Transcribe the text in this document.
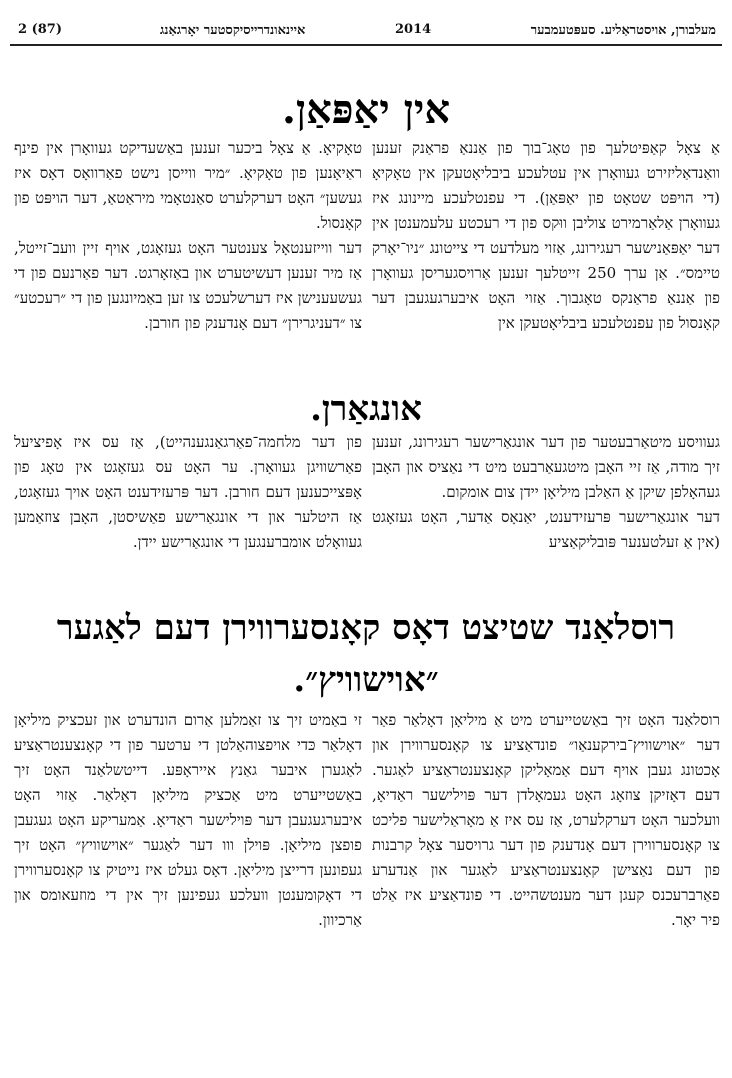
2 (87)	איינאונדרייסיקסטער יאָרגאַנג	2014	מעלבורן, אויסטראַליע. סעפּטעמבער
אין יאַפּאַן.

אַ צאָל קאַפּיטלעך פון טאָג־בוך פון אַננאַ פראַנק זענען וואַנדאַליזירט געוואָרן אין עטלעכע ביבליאָטעקן אין טאָקיאָ (די הויפּט שטאָט פון יאַפּאַן). די עפנטלעכע מיינונג איז געוואָרן אַלאַרמירט צוליבן ווּקס פון די רעכטע עלעמענטן אין דער יאַפּאַנישער רעגירונג, אַזוי מעלדעט די צייטונג ״ניו־יאָרק טיימס״. אַן ערך 250 זייטלעך זענען אַרויסגעריסן געוואָרן פון אַננאַ פראַנקס טאָגבוך. אַזוי האָט איבערגעגעבן דער קאָנסול פון עפנטלעכע ביבליאָטעקן אין

טאָקיאָ. אַ צאָל ביכער זענען באַשעדיקט געוואָרן אין פינף ראַיאָנען פון טאָקיאָ. ״מיר ווייסן נישט פאַרוואָס דאָס איז געשען״ האָט דערקלערט סאַנטאָמי מיראַטאַ, דער הויפּט פון קאָנסול.

דער ווייזענטאָל צענטער האָט געזאָגט, אויף זיין וועב־זייטל, אַז מיר זענען דעשיטערט און באַזאָרגט. דער פאַרנעם פון די געשעענישן איז דערשלעכט צו זען באַמיונגען פון די ״רעכטע״ צו ״דעניגרירן״ דעם אָנדענק פון חורבן.

אונגאַרן.

געוויסע מיטאַרבעטער פון דער אונגאַרישער רעגירונג, זענען זיך מודה, אַז זיי האָבן מיטגעאַרבעט מיט די נאַציס און האָבן געהאָלפן שיקן אַ האַלבן מיליאָן יידן צום אומקום.

דער אונגאַרישער פּרעזידענט, יאַנאָס אַדער, האָט געזאָגט (אין אַ זעלטענער פּובליקאַציע

פון דער מלחמה־פאַרגאַנגענהייט), אַז עס איז אָפיציעל פאַרשוויגן געוואָרן. ער האָט עס געזאָגט אין טאָג פון אָפּצייכענען דעם חורבן. דער פּרעזידענט האָט אויך געזאָגט, אַז היטלער און די אונגאַרישע פאַשיסטן, האָבן צוזאַמען געוואָלט אומברענגען די אונגאַרישע יידן.

רוסלאַנד שטיצט דאָס קאָנסערווירן דעם לאַגער
״אוישוויץ״.

רוסלאַנד האָט זיך באַשטייערט מיט אַ מיליאָן דאָלאַר פאַר דער ״אוישוויץ־בירקענאַו״ פונדאַציע צו קאָנסערווירן און אָכטונג געבן אויף דעם אַמאָליקן קאָנצענטראַציע לאַגער. דעם דאָזיקן צוזאָג האָט געמאָלדן דער פּוילישער ראַדיאָ, וועלכער האָט דערקלערט, אַז עס איז אַ מאָראַלישער פליכט צו קאָנסערווירן דעם אָנדענק פון דער גרויסער צאָל קרבנות פון דעם נאַצישן קאָנצענטראַציע לאַגער און אַנדערע פאַרברעכנס קעגן דער מענטשהייט. די פונדאַציע איז אַלט פיר יאָר.

זי באַמיט זיך צו זאַמלען אַרום הונדערט און זעכציק מיליאָן דאָלאַר כּדי אויפצוהאַלטן די ערטער פון די קאָנצענטראַציע לאַגערן איבער גאַנץ אייראָפּע. דייטשלאַנד האָט זיך באַשטייערט מיט אַכציק מיליאָן דאָלאַר. אַזוי האָט איבערגעגעבן דער פּוילישער ראַדיאָ. אַמעריקע האָט געגעבן פופצן מיליאָן. פּוילן ווו דער לאַגער ״אוישוויץ״ האָט זיך געפונען דרייצן מיליאָן. דאָס געלט איז נייטיק צו קאָנסערווירן די דאָקומענטן וועלכע געפינען זיך אין די מוזעאומס און אַרכיוון.
